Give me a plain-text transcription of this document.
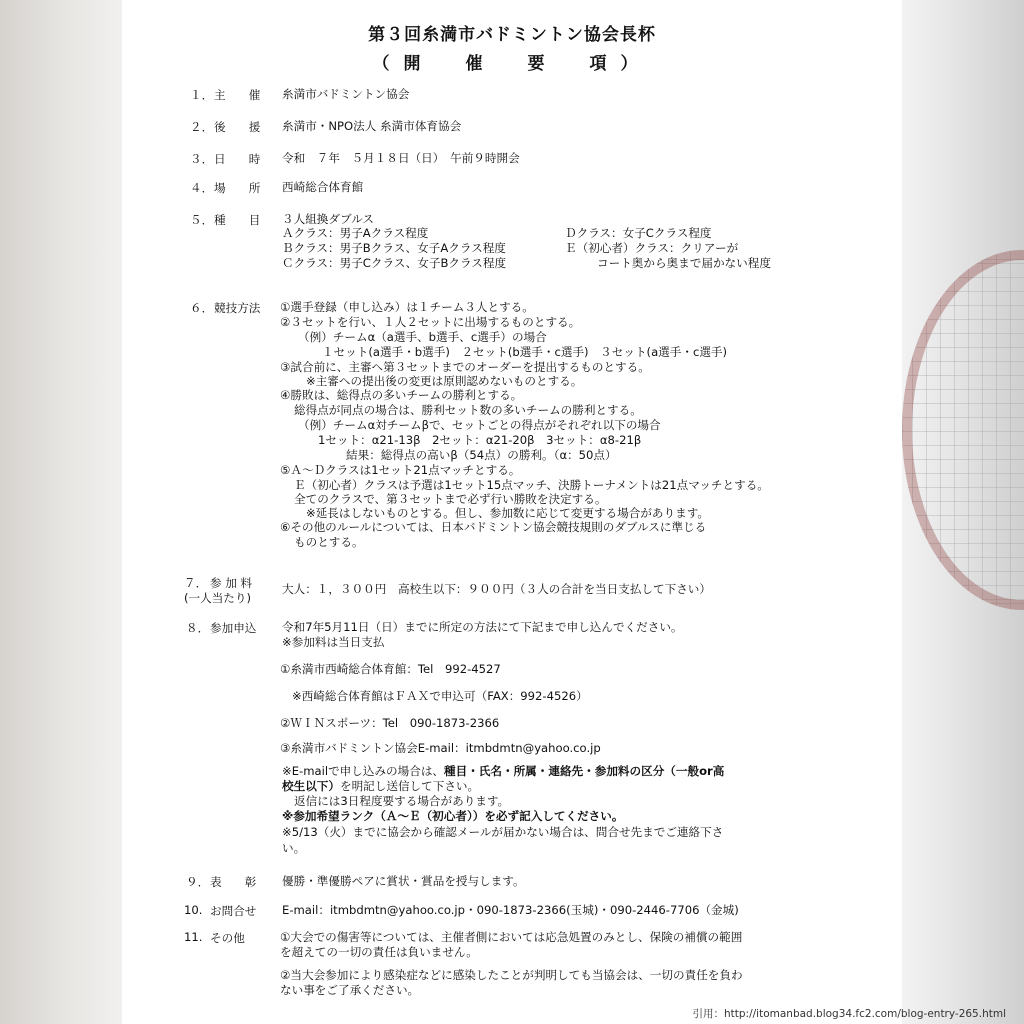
第３回糸満市バドミントン協会長杯
（開　催　要　項）
１． 主　　催 糸満市バドミントン協会
２． 後　　援 糸満市・NPO法人 糸満市体育協会
３． 日　　時 令和　７年　５月１８日（日）　午前９時開会
４． 場　　所 西崎総合体育館
５． 種　　目 ３人組換ダブルス
Ａクラス：男子Aクラス程度
Ｂクラス：男子Bクラス、女子Aクラス程度
Ｃクラス：男子Cクラス、女子Bクラス程度
Ｄクラス：女子Cクラス程度
Ｅ（初心者）クラス：クリアーが
コート奥から奥まで届かない程度
６． 競技方法 ①選手登録（申し込み）は１チーム３人とする。
②３セットを行い、１人２セットに出場するものとする。
（例）チームα（a選手、b選手、c選手）の場合
１セット(a選手・b選手)　２セット(b選手・c選手)　３セット(a選手・c選手)
③試合前に、主審へ第３セットまでのオーダーを提出するものとする。
※主審への提出後の変更は原則認めないものとする。
④勝敗は、総得点の多いチームの勝利とする。
総得点が同点の場合は、勝利セット数の多いチームの勝利とする。
（例）チームα対チームβで、セットごとの得点がそれぞれ以下の場合
1セット：α21-13β　2セット：α21-20β　3セット：α8-21β
結果：総得点の高いβ（54点）の勝利。（α：50点）
⑤Ａ～Ｄクラスは1セット21点マッチとする。
Ｅ（初心者）クラスは予選は1セット15点マッチ、決勝トーナメントは21点マッチとする。
全てのクラスで、第３セットまで必ず行い勝敗を決定する。
※延長はしないものとする。但し、参加数に応じて変更する場合があります。
⑥その他のルールについては、日本バドミントン協会競技規則のダブルスに準じる
ものとする。
７． 参 加 料
(一人当たり)
大人：１，３００円　高校生以下：９００円（３人の合計を当日支払して下さい）
８． 参加申込 令和7年5月11日（日）までに所定の方法にて下記まで申し込んでください。
※参加料は当日支払
①糸満市西崎総合体育館：Tel　992-4527
※西崎総合体育館はＦＡＸで申込可（FAX：992-4526）
②ＷＩＮスポーツ：Tel　090-1873-2366
③糸満市バドミントン協会E-mail：itmbdmtn@yahoo.co.jp
※E-mailで申し込みの場合は、種目・氏名・所属・連絡先・参加料の区分（一般or高
校生以下）を明記し送信して下さい。
返信には3日程度要する場合があります。
※参加希望ランク（Ａ～Ｅ（初心者））を必ず記入してください。
※5/13（火）までに協会から確認メールが届かない場合は、問合せ先までご連絡下さ
い。
９． 表　　彰 優勝・準優勝ペアに賞状・賞品を授与します。
10. お問合せ E-mail：itmbdmtn@yahoo.co.jp・090-1873-2366(玉城)・090-2446-7706（金城)
11. その他	①大会での傷害等については、主催者側においては応急処置のみとし、保険の補償の範囲
を超えての一切の責任は負いません。
②当大会参加により感染症などに感染したことが判明しても当協会は、一切の責任を負わ
ない事をご了承ください。
引用：http://itomanbad.blog34.fc2.com/blog-entry-265.html
